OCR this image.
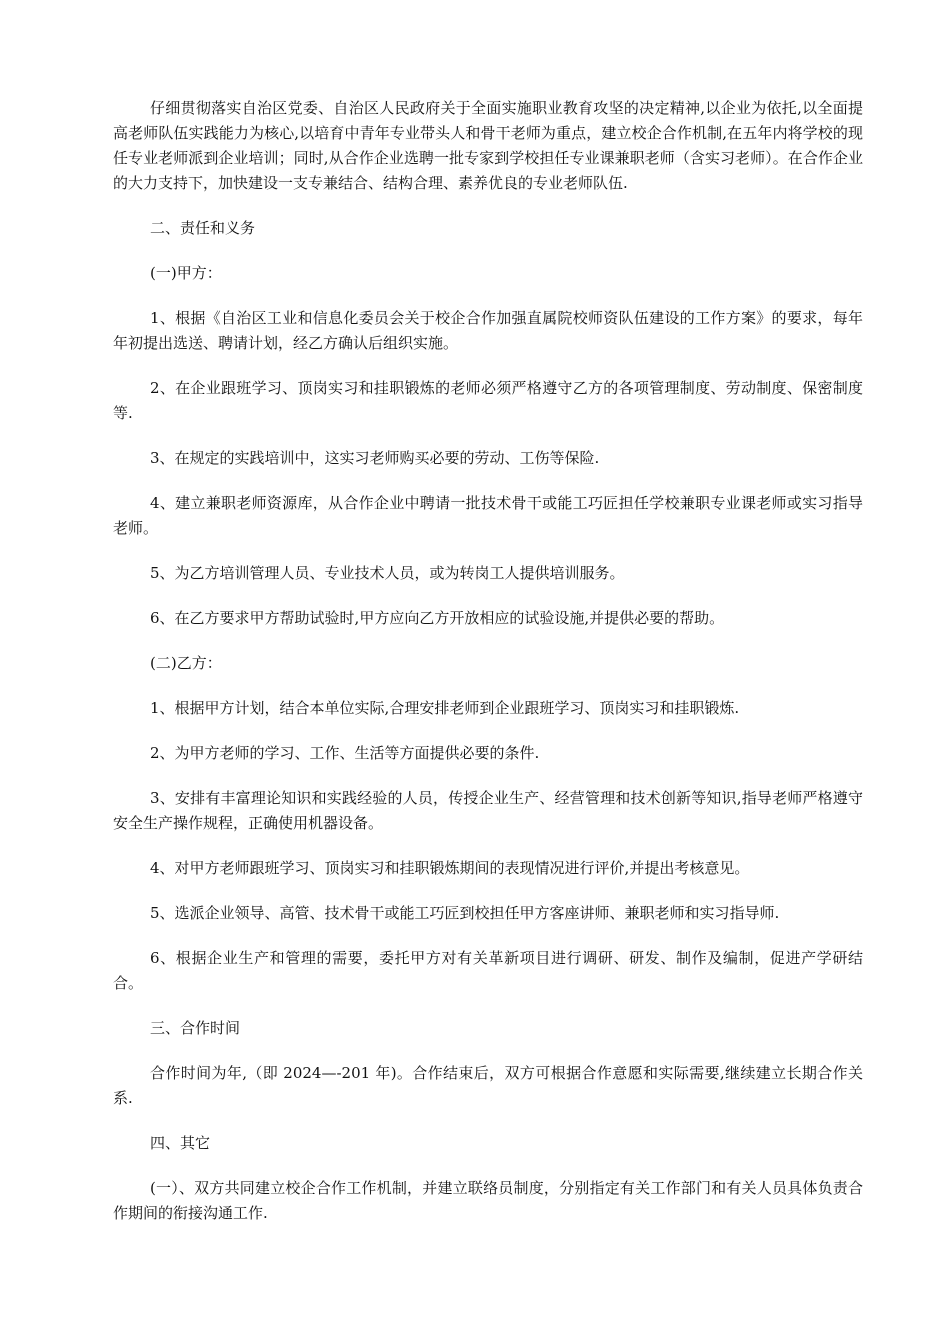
仔细贯彻落实自治区党委、自治区人民政府关于全面实施职业教育攻坚的决定精神,以企业为依托,以全面提高老师队伍实践能力为核心,以培育中青年专业带头人和骨干老师为重点，建立校企合作机制,在五年内将学校的现任专业老师派到企业培训；同时,从合作企业选聘一批专家到学校担任专业课兼职老师（含实习老师）。在合作企业的大力支持下，加快建设一支专兼结合、结构合理、素养优良的专业老师队伍.

二、责任和义务

(一)甲方：

1、根据《自治区工业和信息化委员会关于校企合作加强直属院校师资队伍建设的工作方案》的要求，每年年初提出选送、聘请计划，经乙方确认后组织实施。

2、在企业跟班学习、顶岗实习和挂职锻炼的老师必须严格遵守乙方的各项管理制度、劳动制度、保密制度等.

3、在规定的实践培训中，这实习老师购买必要的劳动、工伤等保险.

4、建立兼职老师资源库，从合作企业中聘请一批技术骨干或能工巧匠担任学校兼职专业课老师或实习指导老师。

5、为乙方培训管理人员、专业技术人员，或为转岗工人提供培训服务。

6、在乙方要求甲方帮助试验时,甲方应向乙方开放相应的试验设施,并提供必要的帮助。

(二)乙方：

1、根据甲方计划，结合本单位实际,合理安排老师到企业跟班学习、顶岗实习和挂职锻炼.

2、为甲方老师的学习、工作、生活等方面提供必要的条件.

3、安排有丰富理论知识和实践经验的人员，传授企业生产、经营管理和技术创新等知识,指导老师严格遵守安全生产操作规程，正确使用机器设备。

4、对甲方老师跟班学习、顶岗实习和挂职锻炼期间的表现情况进行评价,并提出考核意见。

5、选派企业领导、高管、技术骨干或能工巧匠到校担任甲方客座讲师、兼职老师和实习指导师.

6、根据企业生产和管理的需要，委托甲方对有关革新项目进行调研、研发、制作及编制，促进产学研结合。

三、合作时间

合作时间为年,（即 2024—-201 年)。合作结束后，双方可根据合作意愿和实际需要,继续建立长期合作关系.

四、其它

(一）、双方共同建立校企合作工作机制，并建立联络员制度，分别指定有关工作部门和有关人员具体负责合作期间的衔接沟通工作.
